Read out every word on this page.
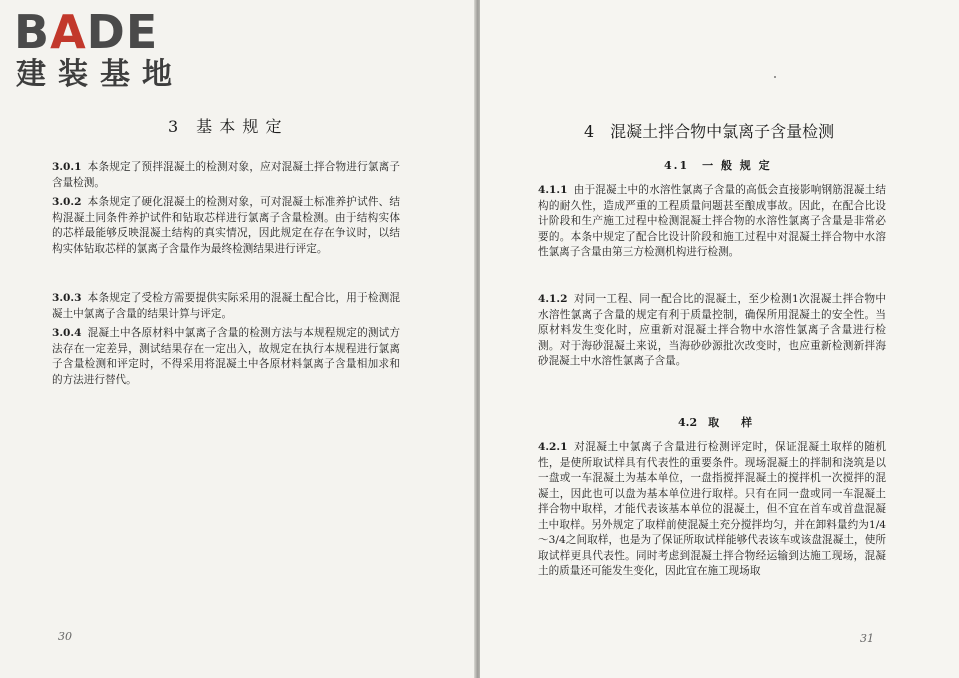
BADE
建装基地
3　基 本 规 定

3.0.1 本条规定了预拌混凝土的检测对象，应对混凝土拌合物进行氯离子含量检测。

3.0.2 本条规定了硬化混凝土的检测对象，可对混凝土标准养护试件、结构混凝土同条件养护试件和钻取芯样进行氯离子含量检测。由于结构实体的芯样最能够反映混凝土结构的真实情况，因此规定在存在争议时，以结构实体钻取芯样的氯离子含量作为最终检测结果进行评定。

3.0.3 本条规定了受检方需要提供实际采用的混凝土配合比，用于检测混凝土中氯离子含量的结果计算与评定。

3.0.4 混凝土中各原材料中氯离子含量的检测方法与本规程规定的测试方法存在一定差异，测试结果存在一定出入，故规定在执行本规程进行氯离子含量检测和评定时，不得采用将混凝土中各原材料氯离子含量相加求和的方法进行替代。

30
4　混凝土拌合物中氯离子含量检测
4.1　一 般 规 定

4.1.1 由于混凝土中的水溶性氯离子含量的高低会直接影响钢筋混凝土结构的耐久性，造成严重的工程质量问题甚至酿成事故。因此，在配合比设计阶段和生产施工过程中检测混凝土拌合物的水溶性氯离子含量是非常必要的。本条中规定了配合比设计阶段和施工过程中对混凝土拌合物中水溶性氯离子含量由第三方检测机构进行检测。

4.1.2 对同一工程、同一配合比的混凝土，至少检测1次混凝土拌合物中水溶性氯离子含量的规定有利于质量控制，确保所用混凝土的安全性。当原材料发生变化时，应重新对混凝土拌合物中水溶性氯离子含量进行检测。对于海砂混凝土来说，当海砂砂源批次改变时，也应重新检测新拌海砂混凝土中水溶性氯离子含量。

4.2　取　　样

4.2.1 对混凝土中氯离子含量进行检测评定时，保证混凝土取样的随机性，是使所取试样具有代表性的重要条件。现场混凝土的拌制和浇筑是以一盘或一车混凝土为基本单位，一盘指搅拌混凝土的搅拌机一次搅拌的混凝土，因此也可以盘为基本单位进行取样。只有在同一盘或同一车混凝土拌合物中取样，才能代表该基本单位的混凝土，但不宜在首车或首盘混凝土中取样。另外规定了取样前使混凝土充分搅拌均匀，并在卸料量约为1/4～3/4之间取样，也是为了保证所取试样能够代表该车或该盘混凝土，使所取试样更具代表性。同时考虑到混凝土拌合物经运输到达施工现场，混凝土的质量还可能发生变化，因此宜在施工现场取

31
